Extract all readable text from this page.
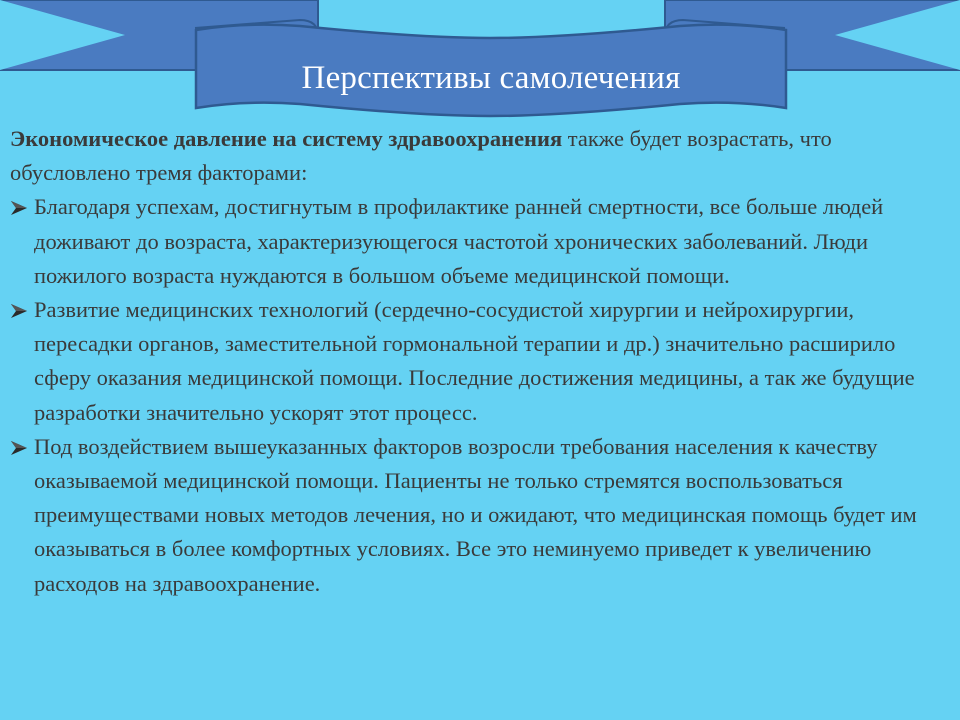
Перспективы самолечения

Экономическое давление на систему здравоохранения также будет возрастать, что обусловлено тремя факторами:

Благодаря успехам, достигнутым в профилактике ранней смертности, все больше людей доживают до возраста, характеризующегося частотой хронических заболеваний. Люди пожилого возраста нуждаются в большом объеме медицинской помощи.
Развитие медицинских технологий (сердечно-сосудистой хирургии и нейрохирургии, пересадки органов, заместительной гормональной терапии и др.) значительно расширило сферу оказания медицинской помощи. Последние достижения медицины, а так же будущие разработки значительно ускорят этот процесс.
Под воздействием вышеуказанных факторов возросли требования населения к качеству оказываемой медицинской помощи. Пациенты не только стремятся воспользоваться преимуществами новых методов лечения, но и ожидают, что медицинская помощь будет им оказываться в более комфортных условиях. Все это неминуемо приведет к увеличению расходов на здравоохранение.
